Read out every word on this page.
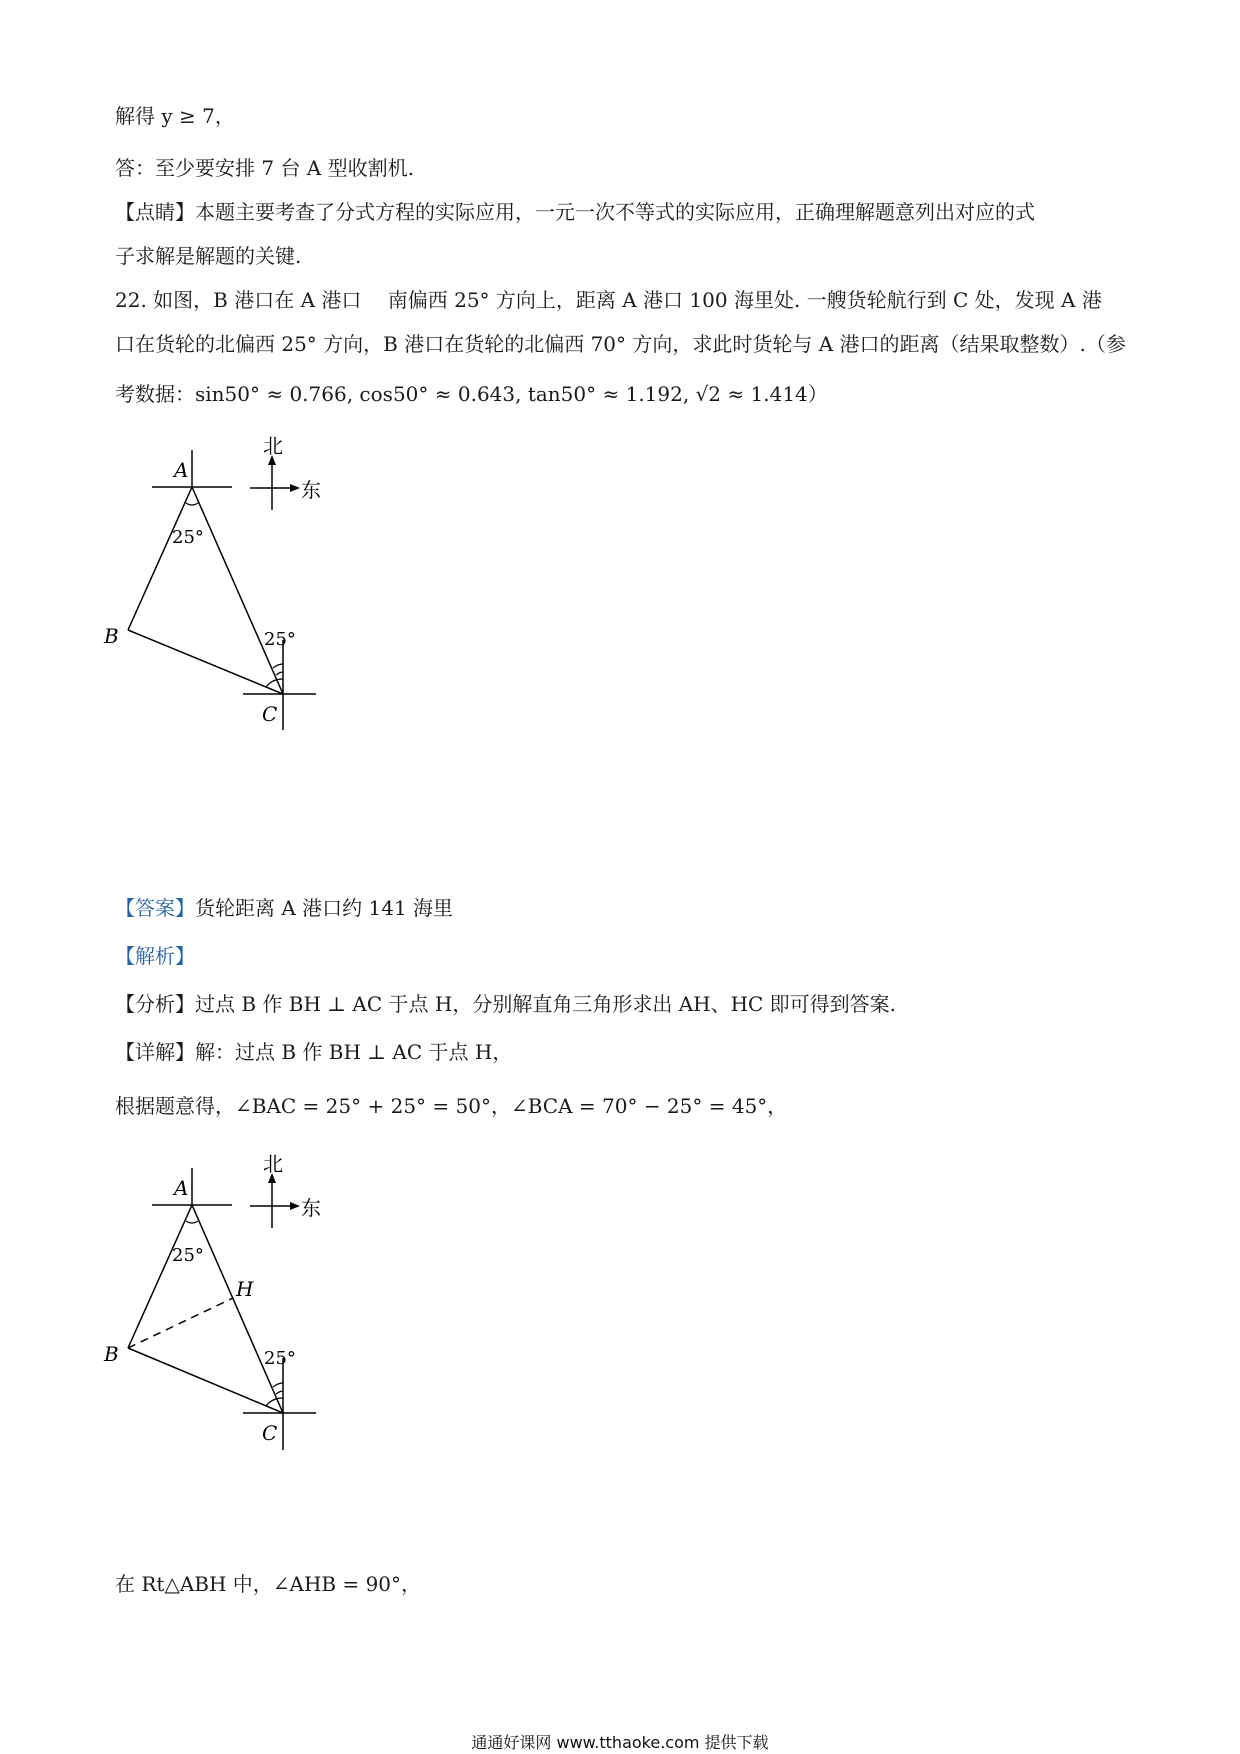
解得 y ≥ 7，
答：至少要安排 7 台 A 型收割机.
【点睛】本题主要考查了分式方程的实际应用，一元一次不等式的实际应用，正确理解题意列出对应的式
子求解是解题的关键.
22. 如图，B 港口在 A 港口 　南偏西 25° 方向上，距离 A 港口 100 海里处. 一艘货轮航行到 C 处，发现 A 港
口在货轮的北偏西 25° 方向，B 港口在货轮的北偏西 70° 方向，求此时货轮与 A 港口的距离（结果取整数）.（参
考数据：sin50° ≈ 0.766, cos50° ≈ 0.643, tan50° ≈ 1.192, √2 ≈ 1.414）
A
25°
B	25°
C
北
东
【答案】货轮距离 A 港口约 141 海里
【解析】
【分析】过点 B 作 BH ⊥ AC 于点 H，分别解直角三角形求出 AH、HC 即可得到答案.
【详解】解：过点 B 作 BH ⊥ AC 于点 H，
根据题意得，∠BAC = 25° + 25° = 50°，∠BCA = 70° − 25° = 45°，
A
25°
H
B	25°
C
北
东
在 Rt△ABH 中，∠AHB = 90°，
通通好课网 www.tthaoke.com 提供下载
